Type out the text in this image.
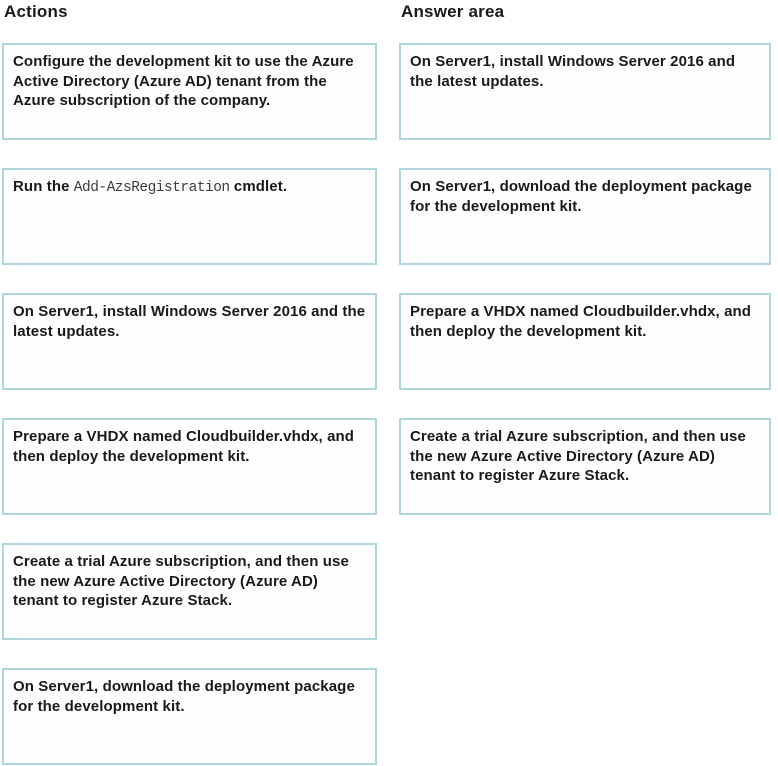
Actions
Configure the development kit to use the Azure Active Directory (Azure AD) tenant from the Azure subscription of the company.
Run the Add-AzsRegistration cmdlet.
On Server1, install Windows Server 2016 and the latest updates.
Prepare a VHDX named Cloudbuilder.vhdx, and then deploy the development kit.
Create a trial Azure subscription, and then use the new Azure Active Directory (Azure AD) tenant to register Azure Stack.
On Server1, download the deployment package for the development kit.
Answer area
On Server1, install Windows Server 2016 and the latest updates.
On Server1, download the deployment package for the development kit.
Prepare a VHDX named Cloudbuilder.vhdx, and then deploy the development kit.
Create a trial Azure subscription, and then use the new Azure Active Directory (Azure AD) tenant to register Azure Stack.
